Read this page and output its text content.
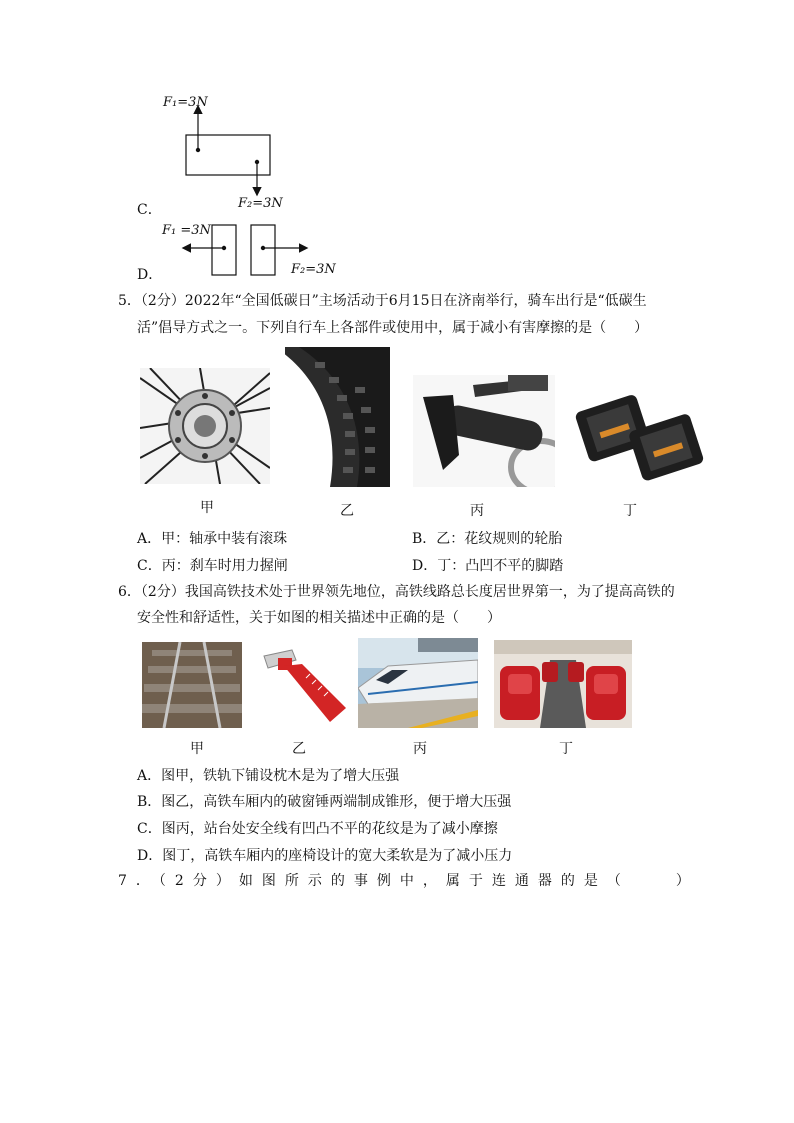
F₁=3N
F₂=3N
C．
F₁ =3N
F₂=3N
D．
5．（2分）2022年“全国低碳日”主场活动于6月15日在济南举行，骑车出行是“低碳生
活”倡导方式之一。下列自行车上各部件或使用中，属于减小有害摩擦的是（　　）
甲	乙	丙	丁
A．甲：轴承中装有滚珠	B．乙：花纹规则的轮胎
C．丙：刹车时用力握闸	D．丁：凸凹不平的脚踏
6．（2分）我国高铁技术处于世界领先地位，高铁线路总长度居世界第一，为了提高高铁的
安全性和舒适性，关于如图的相关描述中正确的是（　　）
甲	乙	丙	丁
A．图甲，铁轨下铺设枕木是为了增大压强
B．图乙，高铁车厢内的破窗锤两端制成锥形，便于增大压强
C．图丙，站台处安全线有凹凸不平的花纹是为了减小摩擦
D．图丁，高铁车厢内的座椅设计的宽大柔软是为了减小压力
7．（2分）如图所示的事例中，属于连通器的是（　　）
